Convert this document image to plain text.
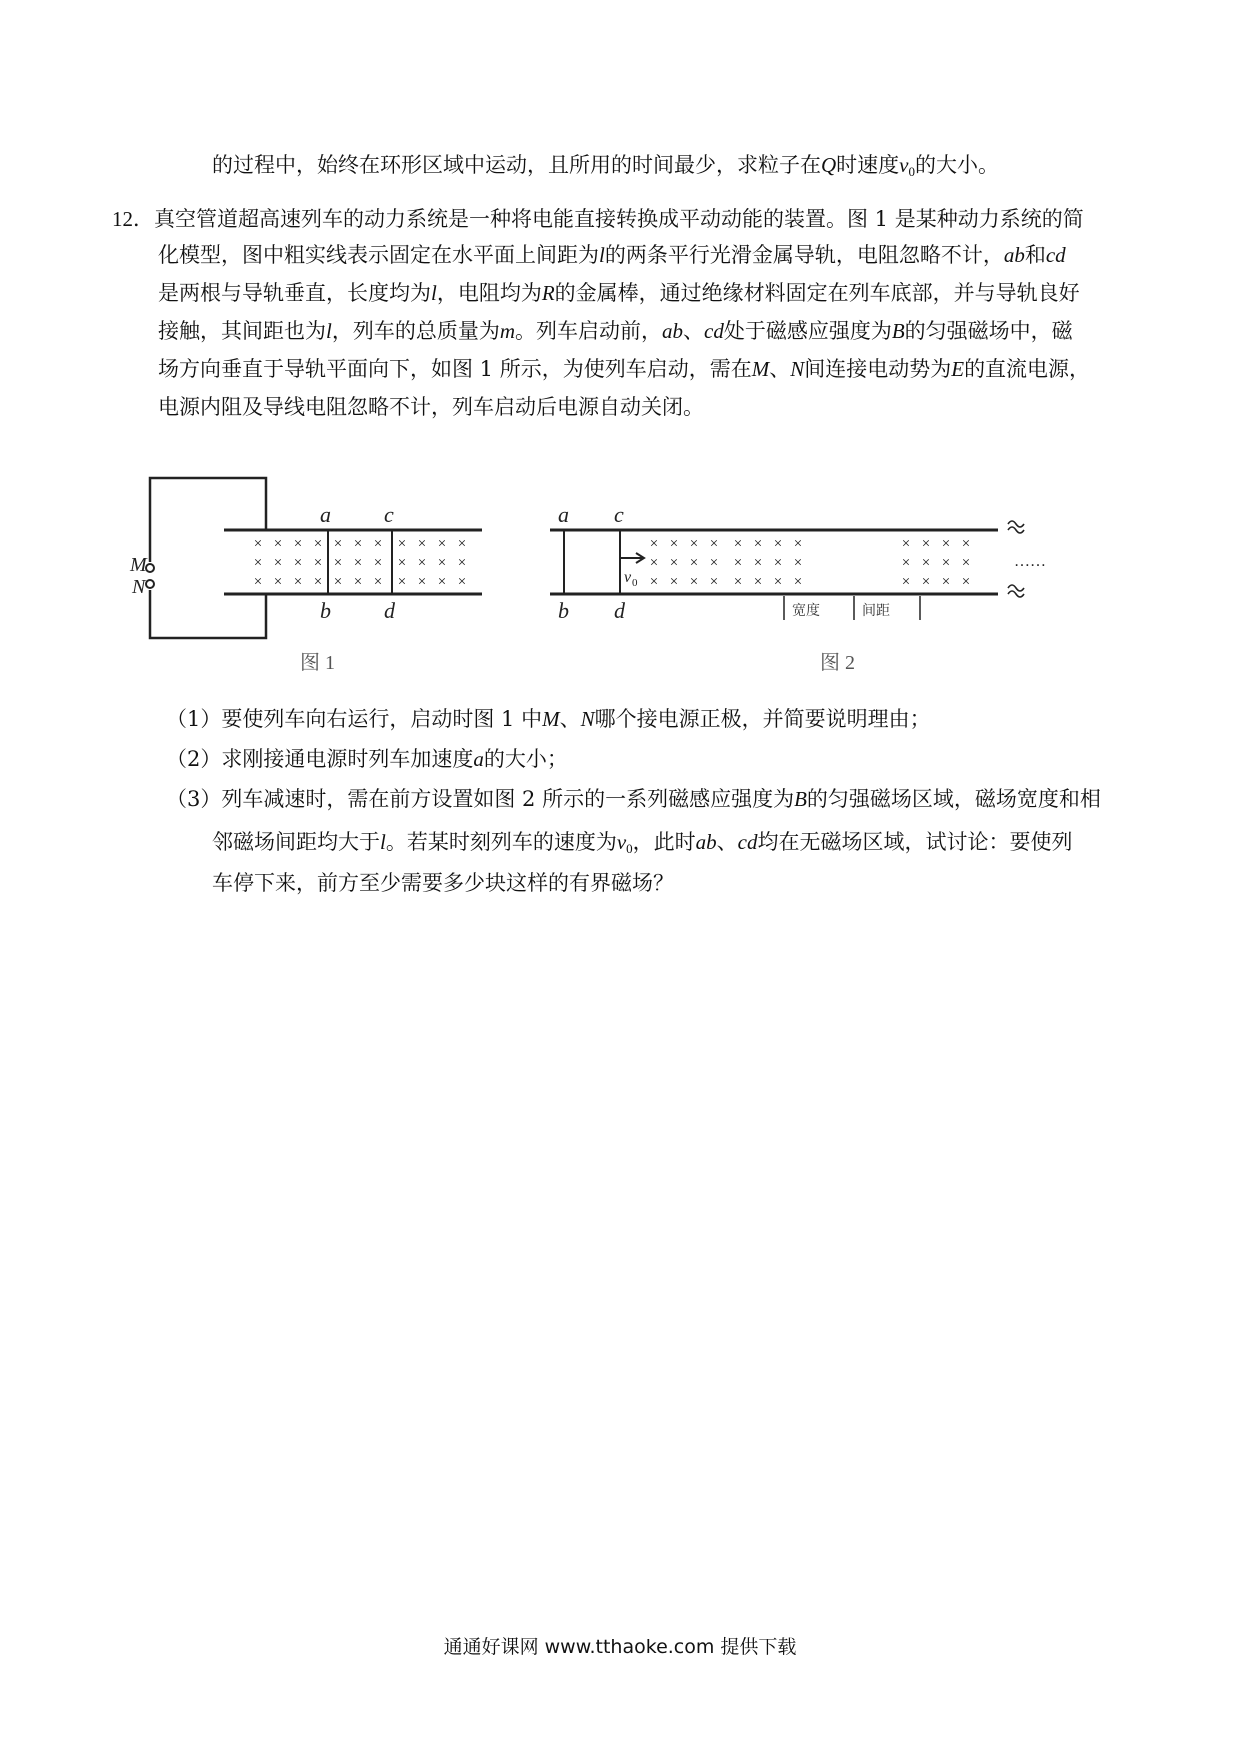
的过程中，始终在环形区域中运动，且所用的时间最少，求粒子在Q时速度$v_0$的大小。
12．真空管道超高速列车的动力系统是一种将电能直接转换成平动动能的装置。图 1 是某种动力系统的简
化模型，图中粗实线表示固定在水平面上间距为l的两条平行光滑金属导轨，电阻忽略不计，ab和cd
是两根与导轨垂直，长度均为l，电阻均为R的金属棒，通过绝缘材料固定在列车底部，并与导轨良好
接触，其间距也为l，列车的总质量为m。列车启动前，ab、cd处于磁感应强度为B的匀强磁场中，磁
场方向垂直于导轨平面向下，如图 1 所示，为使列车启动，需在M、N间连接电动势为E的直流电源，
电源内阻及导线电阻忽略不计，列车启动后电源自动关闭。
× × × × × × × × × × ×
× × × × × × × × × × ×
× × × × × × × × × × ×
M
N
a c
b d
图 1
× × × × × × × ×	× × × ×
× × × × × × × ×	× × × ×
× × × × × × × ×	× × × ×
a c
b d
v 0
宽度	间距
……
图 2
（1）要使列车向右运行，启动时图 1 中M、N哪个接电源正极，并简要说明理由；
（2）求刚接通电源时列车加速度a的大小；
（3）列车减速时，需在前方设置如图 2 所示的一系列磁感应强度为B的匀强磁场区域，磁场宽度和相
邻磁场间距均大于l。若某时刻列车的速度为$v_0$，此时ab、cd均在无磁场区域，试讨论：要使列
车停下来，前方至少需要多少块这样的有界磁场？
通通好课网 www.tthaoke.com 提供下载
